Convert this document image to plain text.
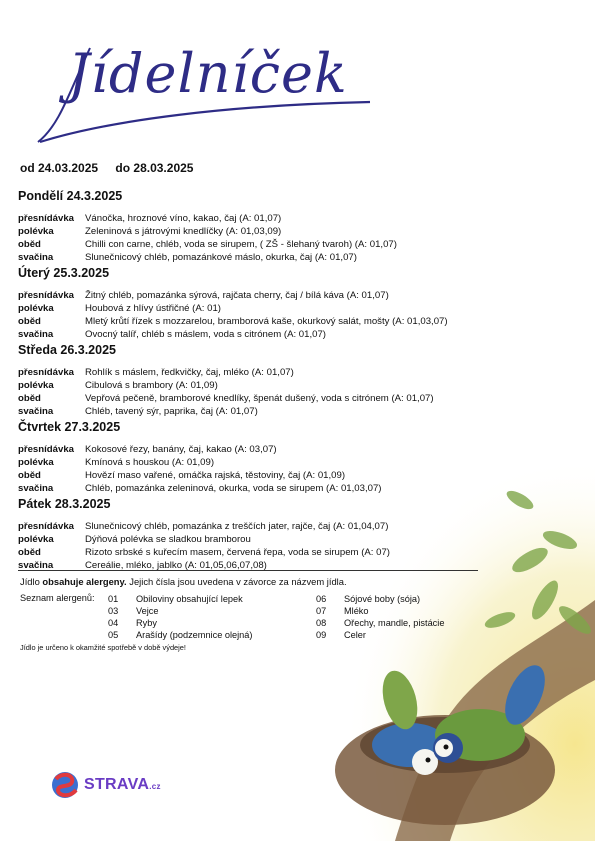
Jídelníček
od 24.03.2025 do 28.03.2025
Pondělí 24.3.2025
přesnídávka	Vánočka, hroznové víno, kakao, čaj (A: 01,07)
polévka	Zeleninová s játrovými knedlíčky (A: 01,03,09)
oběd	Chilli con carne, chléb, voda se sirupem, ( ZŠ - šlehaný tvaroh) (A: 01,07)
svačina	Slunečnicový chléb, pomazánkové máslo, okurka, čaj (A: 01,07)
Úterý 25.3.2025
přesnídávka	Žitný chléb, pomazánka sýrová, rajčata cherry, čaj / bílá káva (A: 01,07)
polévka	Houbová z hlívy ústřičné (A: 01)
oběd	Mletý krůtí řízek s mozzarelou, bramborová kaše, okurkový salát, mošty (A: 01,03,07)
svačina	Ovocný talíř, chléb s máslem, voda s citrónem (A: 01,07)
Středa 26.3.2025
přesnídávka	Rohlík s máslem, ředkvičky, čaj, mléko (A: 01,07)
polévka	Cibulová s brambory (A: 01,09)
oběd	Vepřová pečeně, bramborové knedlíky, špenát dušený, voda s citrónem (A: 01,07)
svačina	Chléb, tavený sýr, paprika, čaj (A: 01,07)
Čtvrtek 27.3.2025
přesnídávka	Kokosové řezy, banány, čaj, kakao (A: 03,07)
polévka	Kmínová s houskou (A: 01,09)
oběd	Hovězí maso vařené, omáčka rajská, těstoviny, čaj (A: 01,09)
svačina	Chléb, pomazánka zeleninová, okurka, voda se sirupem (A: 01,03,07)
Pátek 28.3.2025
přesnídávka	Slunečnicový chléb, pomazánka z treščích jater, rajče, čaj (A: 01,04,07)
polévka	Dýňová polévka se sladkou bramborou
oběd	Rizoto srbské s kuřecím masem, červená řepa, voda se sirupem (A: 07)
svačina	Cereálie, mléko, jablko (A: 01,05,06,07,08)
Jídlo obsahuje alergeny. Jejich čísla jsou uvedena v závorce za názvem jídla.
Seznam alergenů: 01	Obiloviny obsahující lepek
03	Vejce
04	Ryby
05	Arašídy (podzemnice olejná)
06	Sójové boby (sója)
07	Mléko
08	Ořechy, mandle, pistácie
09	Celer
Jídlo je určeno k okamžité spotřebě v době výdeje!
STRAVA.cz
